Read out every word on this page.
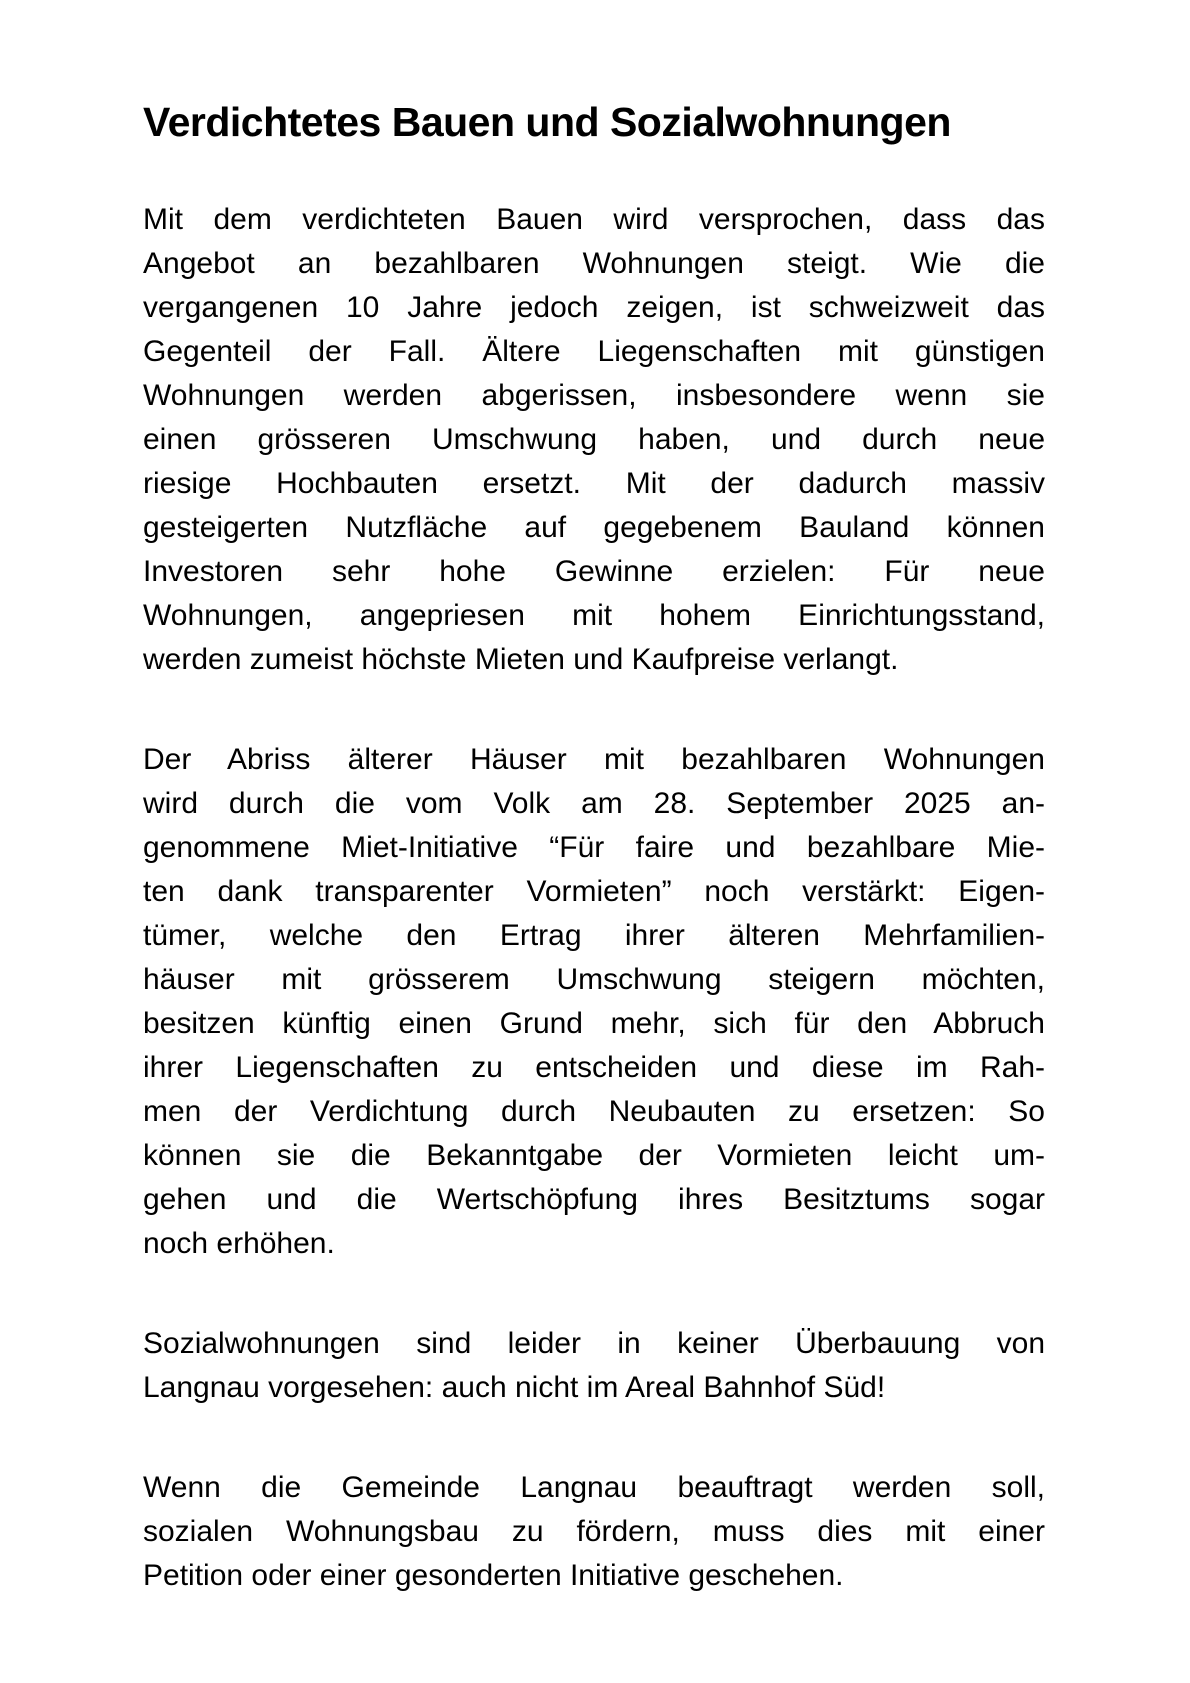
Verdichtetes Bauen und Sozialwohnungen
Mit dem verdichteten Bauen wird versprochen, dass das
Angebot an bezahlbaren Wohnungen steigt. Wie die
vergangenen 10 Jahre jedoch zeigen, ist schweizweit das
Gegenteil der Fall. Ältere Liegenschaften mit günstigen
Wohnungen werden abgerissen, insbesondere wenn sie
einen grösseren Umschwung haben, und durch neue
riesige Hochbauten ersetzt. Mit der dadurch massiv
gesteigerten Nutzfläche auf gegebenem Bauland können
Investoren sehr hohe Gewinne erzielen: Für neue
Wohnungen, angepriesen mit hohem Einrichtungsstand,
werden zumeist höchste Mieten und Kaufpreise verlangt.
Der Abriss älterer Häuser mit bezahlbaren Wohnungen
wird durch die vom Volk am 28. September 2025 an-
genommene Miet-Initiative “Für faire und bezahlbare Mie-
ten dank transparenter Vormieten” noch verstärkt: Eigen-
tümer, welche den Ertrag ihrer älteren Mehrfamilien-
häuser mit grösserem Umschwung steigern möchten,
besitzen künftig einen Grund mehr, sich für den Abbruch
ihrer Liegenschaften zu entscheiden und diese im Rah-
men der Verdichtung durch Neubauten zu ersetzen: So
können sie die Bekanntgabe der Vormieten leicht um-
gehen und die Wertschöpfung ihres Besitztums sogar
noch erhöhen.
Sozialwohnungen sind leider in keiner Überbauung von
Langnau vorgesehen: auch nicht im Areal Bahnhof Süd!
Wenn die Gemeinde Langnau beauftragt werden soll,
sozialen Wohnungsbau zu fördern, muss dies mit einer
Petition oder einer gesonderten Initiative geschehen.
